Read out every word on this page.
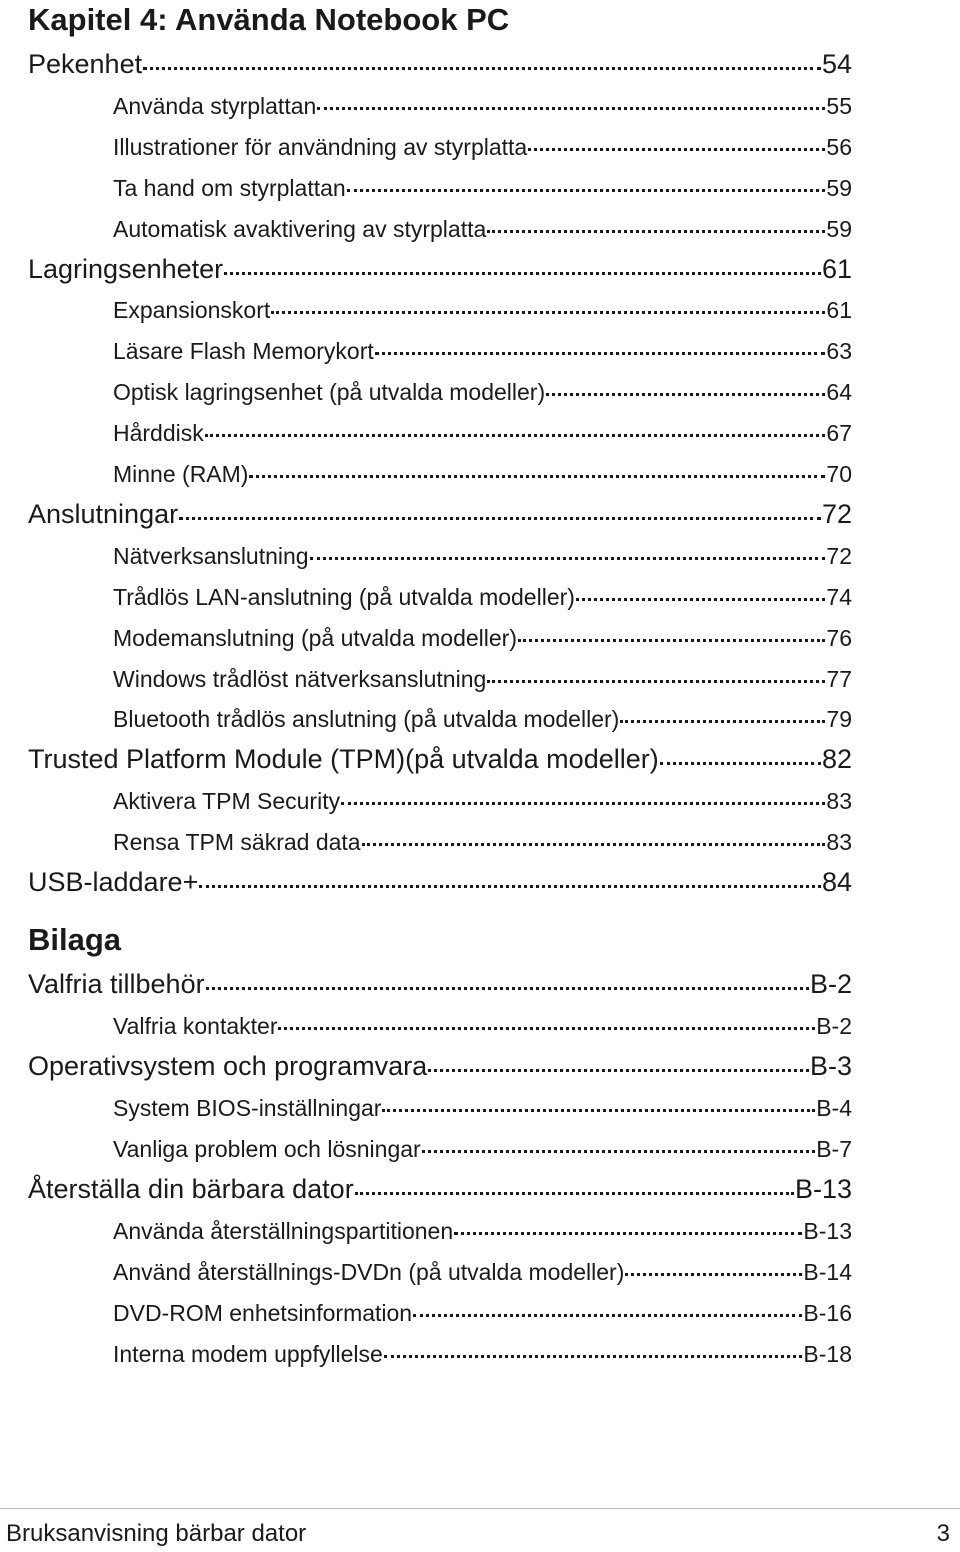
Kapitel 4: Använda Notebook PC
Bilaga
Pekenhet	54
Använda styrplattan	55
Illustrationer för användning av styrplatta	56
Ta hand om styrplattan	59
Automatisk avaktivering av styrplatta	59
Lagringsenheter	61
Expansionskort	61
Läsare Flash Memorykort	63
Optisk lagringsenhet (på utvalda modeller)	64
Hårddisk	67
Minne (RAM)	70
Anslutningar	72
Nätverksanslutning	72
Trådlös LAN-anslutning (på utvalda modeller)	74
Modemanslutning (på utvalda modeller)	76
Windows trådlöst nätverksanslutning	77
Bluetooth trådlös anslutning (på utvalda modeller)	79
Trusted Platform Module (TPM)(på utvalda modeller)	82
Aktivera TPM Security	83
Rensa TPM säkrad data	83
USB-laddare+	84
Valfria tillbehör	B-2
Valfria kontakter	B-2
Operativsystem och programvara	B-3
System BIOS-inställningar	B-4
Vanliga problem och lösningar	B-7
Återställa din bärbara dator	B-13
Använda återställningspartitionen	B-13
Använd återställnings-DVDn (på utvalda modeller)	B-14
DVD-ROM enhetsinformation	B-16
Interna modem uppfyllelse	B-18
Bruksanvisning bärbar dator	3
